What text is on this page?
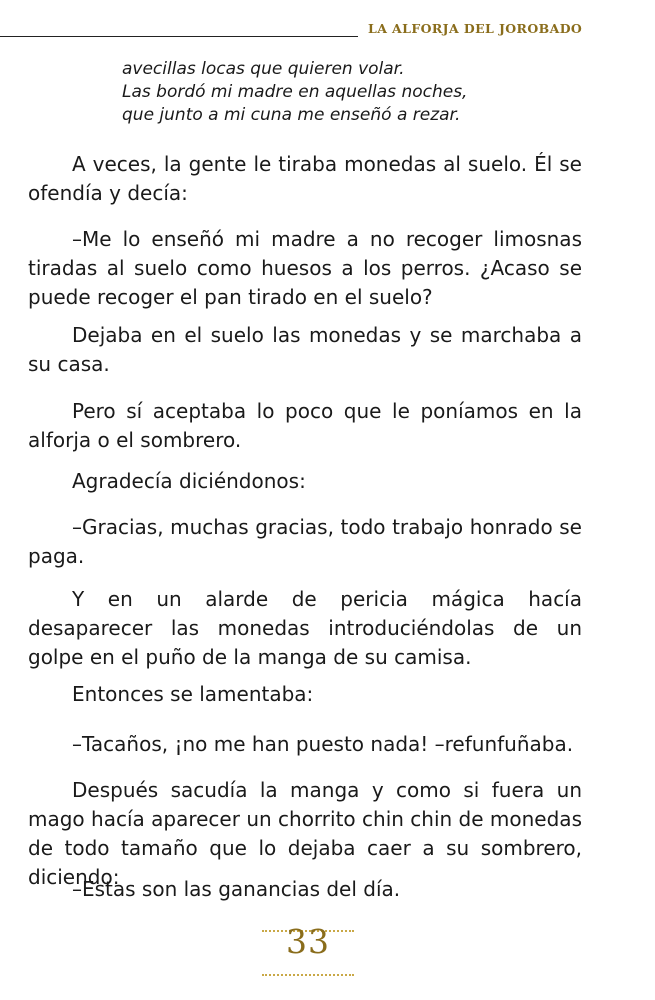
LA ALFORJA DEL JOROBADO
avecillas locas que quieren volar.
Las bordó mi madre en aquellas noches,
que junto a mi cuna me enseñó a rezar.

A veces, la gente le tiraba monedas al suelo. Él se ofendía y decía:

–Me lo enseñó mi madre a no recoger limosnas tiradas al suelo como huesos a los perros. ¿Acaso se puede recoger el pan tirado en el suelo?

Dejaba en el suelo las monedas y se marchaba a su casa.

Pero sí aceptaba lo poco que le poníamos en la alforja o el sombrero.

Agradecía diciéndonos:

–Gracias, muchas gracias, todo trabajo honrado se paga.

Y en un alarde de pericia mágica hacía desaparecer las monedas introduciéndolas de un golpe en el puño de la manga de su camisa.

Entonces se lamentaba:

–Tacaños, ¡no me han puesto nada! –refunfuñaba.

Después sacudía la manga y como si fuera un mago hacía aparecer un chorrito chin chin de monedas de todo tamaño que lo dejaba caer a su sombrero, diciendo:

–Estas son las ganancias del día.

33
